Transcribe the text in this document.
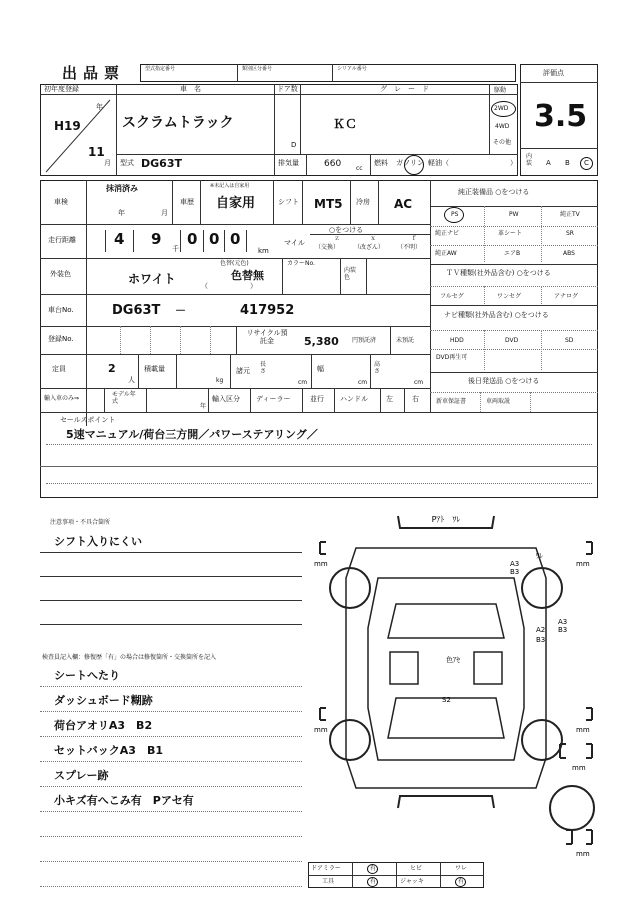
出品票	型式指定番号	類別区分番号	シリアル番号	評価点
3.5
内
装 A B C
初年度登録
年
H19
11
月
車　名
スクラムトラック
ドア数
D
グ　レ　ー　ド
ＫＣ
駆動
2WD
4WD
その他
型式 DG63T	排気量	660 cc
燃料 ガソリン 軽油（	）
車検
抹消済み
年	月
車歴
※未記入は自家用
自家用	シフト MT5 冷房 AC
走行距離	4 9
千
0 0 0
km
マイル
○をつける
ｚ	ｘ	ｆ
（交換） （改ざん） （不明）
外装色	ホワイト
色替(元色)
色替無
（　　　　　　）
カラーNo.
内装色
車台No.	DG63T －	417952
登録No.
リサイクル預託金	5,380 円預託済	未預託
定員	2
人
積載量
kg
諸元
長さ
cm
幅
cm
高さ
cm
輸入車のみ⇒
モデル年式
年
輸入区分 ディーラー	並行 ハンドル	左	右
純正装備品 ○をつける
PS	PW	純正TV
純正ナビ	革シート	SR
純正AW	エアB	ABS
ＴＶ種類(社外品含む) ○をつける
フルセグ	ワンセグ	アナログ
ナビ種類(社外品含む) ○をつける
HDD	DVD	SD
DVD再生可
後日発送品 ○をつける
新車保証書	車両取説
セールスポイント
5速マニュアル/荷台三方開／パワーステアリング／
注意事項・不具合箇所
シフト入りにくい
検査員記入欄：修復歴「有」の場合は修復箇所・交換箇所を記入
シートへたり
ダッシュボード糊跡
荷台アオリA3　B2
セットバックA3　B1
スプレー跡
小キズ有へこみ有　Pアセ有
Pｱﾄ　ﾜﾚ
A3
B3
ﾜﾚ
A3
B3
A2
B3
色ｱｾ
S2
mm	mm
mm	mm
mm
mm
ドアミラー	有	ヒビ	ワレ
工具	有	ジャッキ	有
